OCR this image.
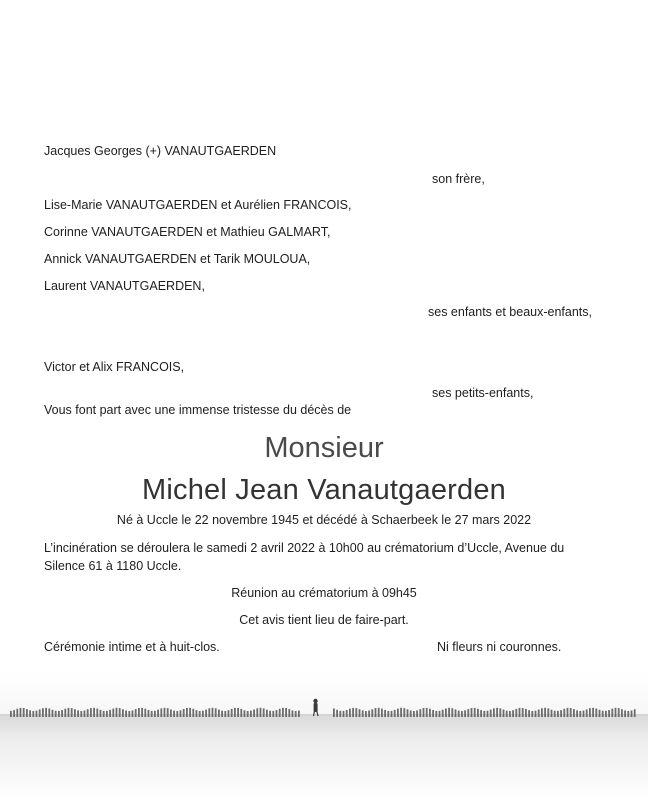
Jacques Georges (+) VANAUTGAERDEN
son frère,
Lise-Marie VANAUTGAERDEN et Aurélien FRANCOIS,
Corinne VANAUTGAERDEN et Mathieu GALMART,
Annick VANAUTGAERDEN et Tarik MOULOUA,
Laurent VANAUTGAERDEN,
ses enfants et beaux-enfants,
Victor et Alix FRANCOIS,
ses petits-enfants,
Vous font part avec une immense tristesse du décès de
Monsieur
Michel Jean Vanautgaerden
Né à Uccle le 22 novembre 1945 et décédé à Schaerbeek le 27 mars 2022
L’incinération se déroulera le samedi 2 avril 2022 à 10h00 au crématorium d’Uccle, Avenue du
Silence 61 à 1180 Uccle.
Réunion au crématorium à 09h45
Cet avis tient lieu de faire-part.
Cérémonie intime et à huit-clos.	Ni fleurs ni couronnes.
